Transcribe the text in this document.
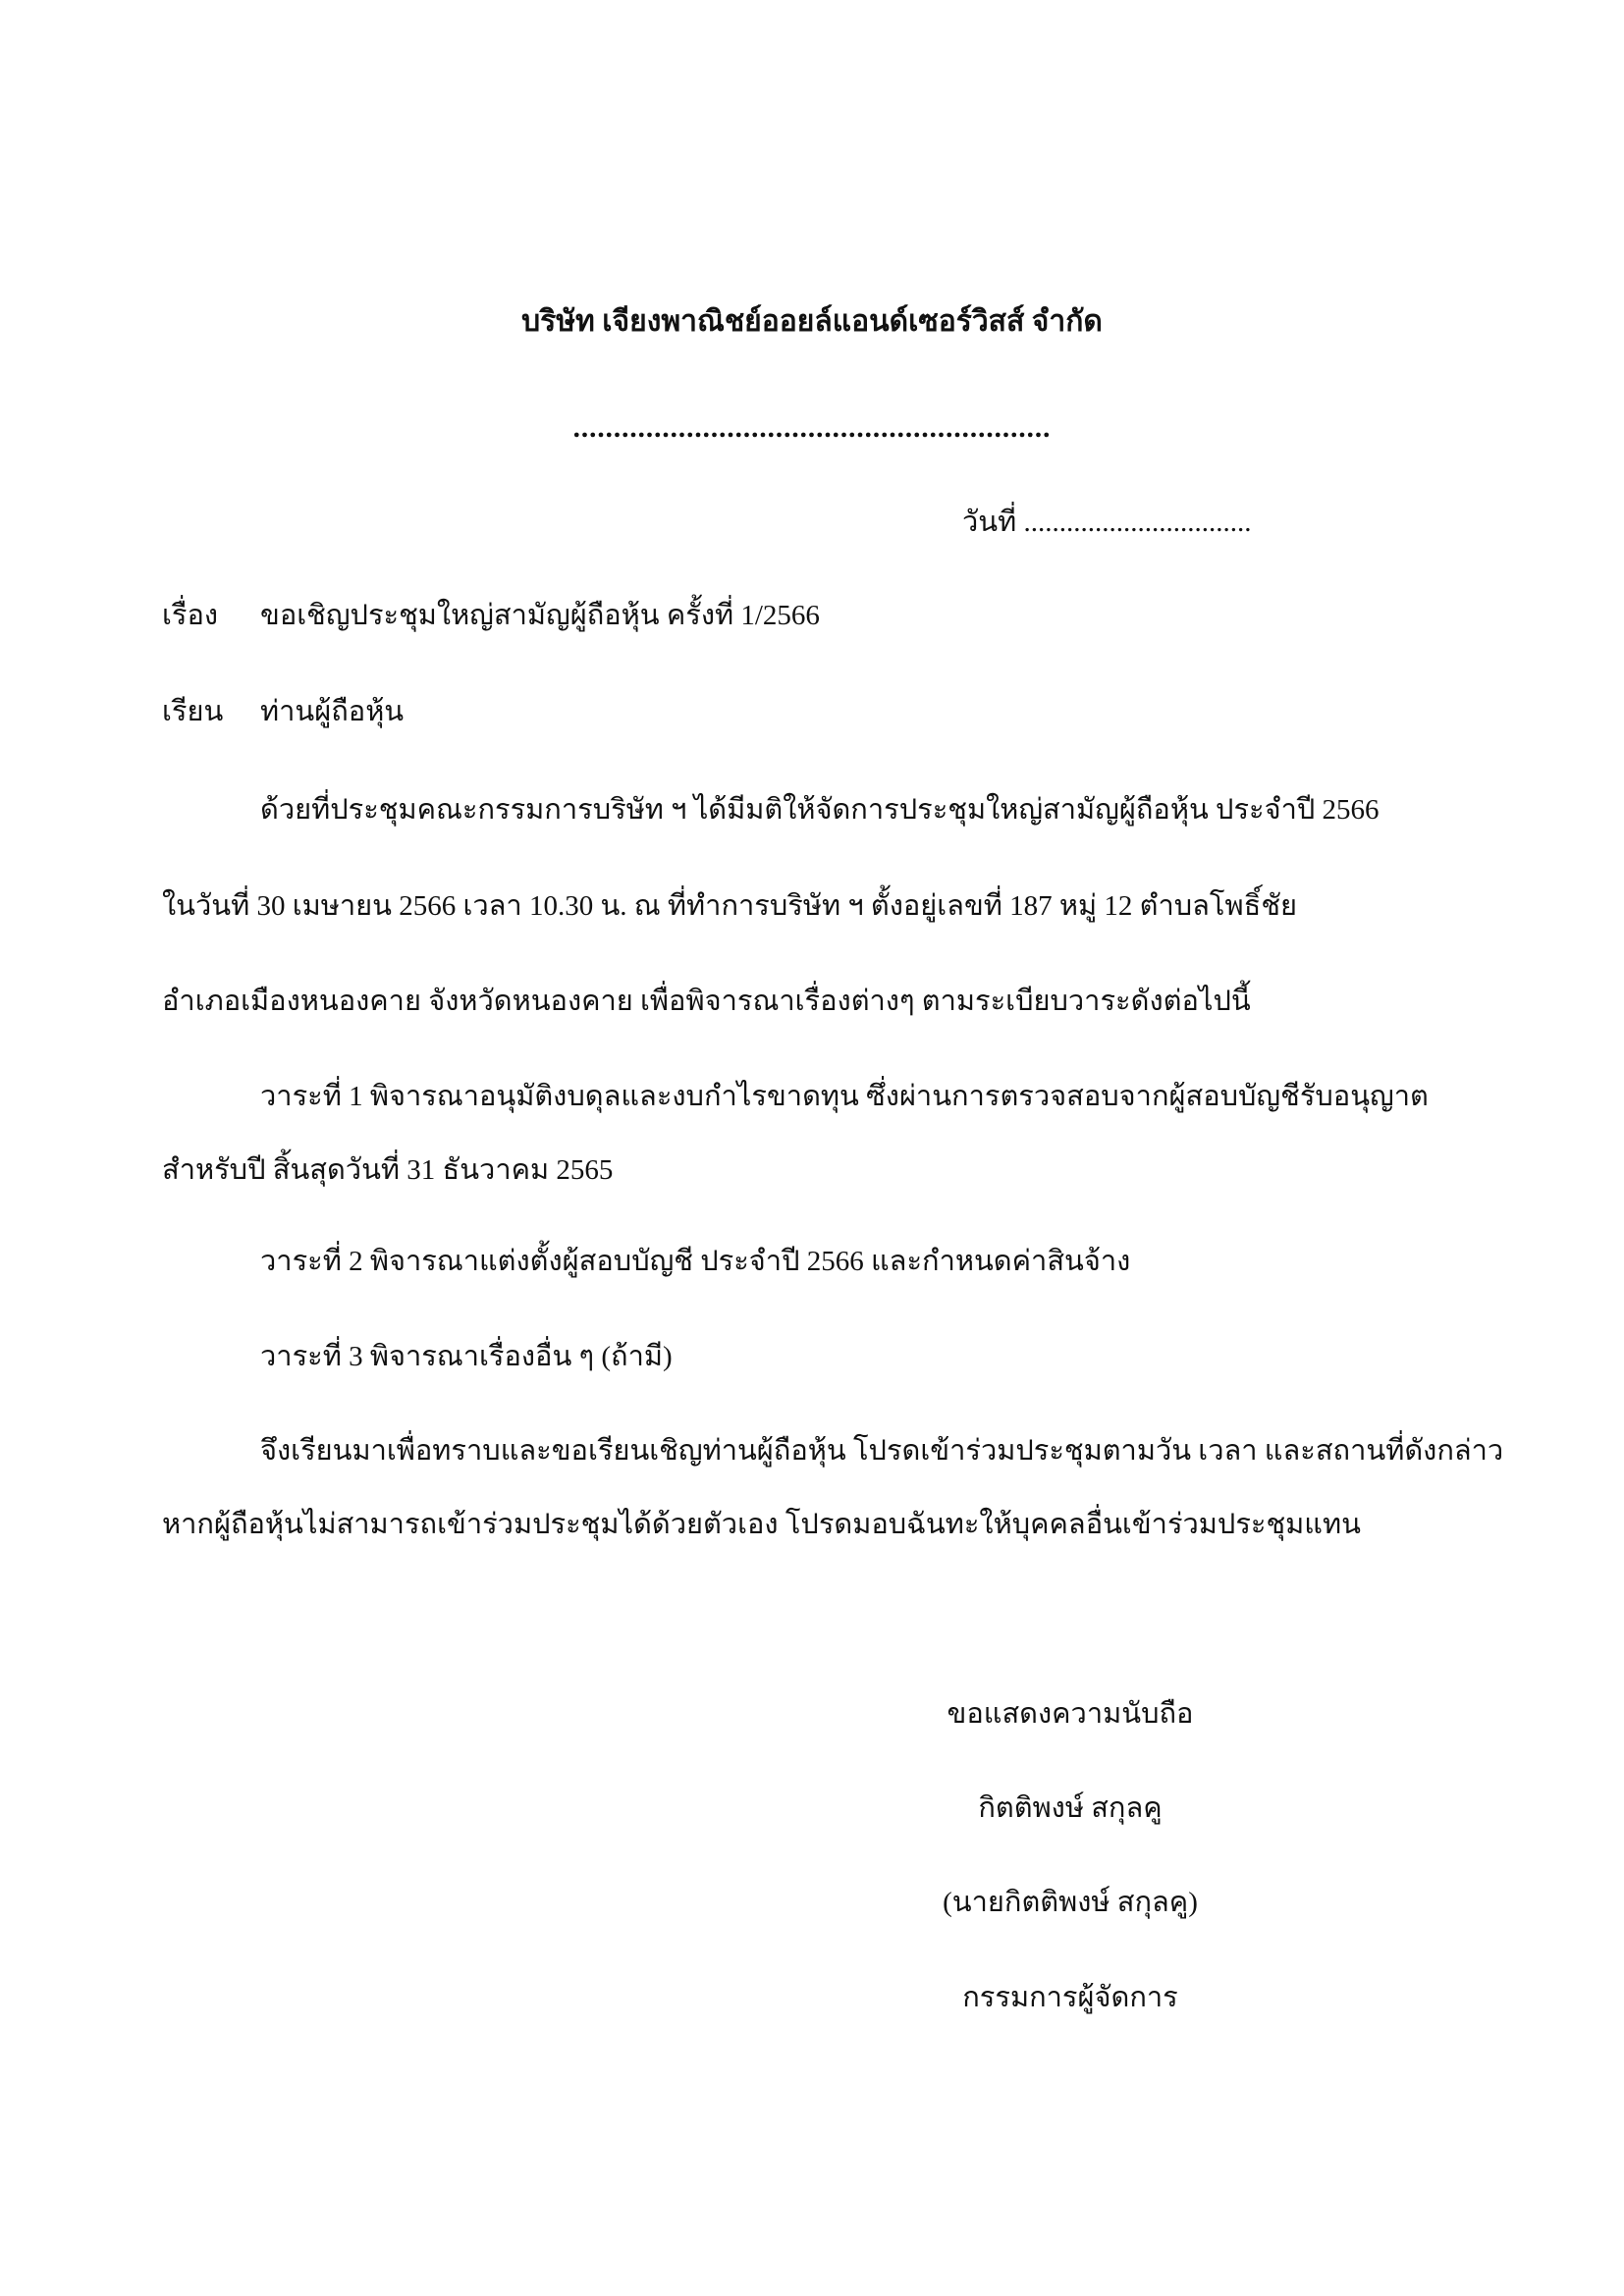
บริษัท เจียงพาณิชย์ออยล์แอนด์เซอร์วิสส์ จำกัด
...........................................................
วันที่ ................................
เรื่อง ขอเชิญประชุมใหญ่สามัญผู้ถือหุ้น ครั้งที่ 1/2566
เรียน ท่านผู้ถือหุ้น
ด้วยที่ประชุมคณะกรรมการบริษัท ฯ ได้มีมติให้จัดการประชุมใหญ่สามัญผู้ถือหุ้น ประจำปี 2566
ในวันที่ 30 เมษายน 2566 เวลา 10.30 น. ณ ที่ทำการบริษัท ฯ ตั้งอยู่เลขที่ 187 หมู่ 12 ตำบลโพธิ์ชัย
อำเภอเมืองหนองคาย จังหวัดหนองคาย เพื่อพิจารณาเรื่องต่างๆ ตามระเบียบวาระดังต่อไปนี้
วาระที่ 1 พิจารณาอนุมัติงบดุลและงบกำไรขาดทุน ซึ่งผ่านการตรวจสอบจากผู้สอบบัญชีรับอนุญาต
สำหรับปี สิ้นสุดวันที่ 31 ธันวาคม 2565
วาระที่ 2 พิจารณาแต่งตั้งผู้สอบบัญชี ประจำปี 2566 และกำหนดค่าสินจ้าง
วาระที่ 3 พิจารณาเรื่องอื่น ๆ (ถ้ามี)
จึงเรียนมาเพื่อทราบและขอเรียนเชิญท่านผู้ถือหุ้น โปรดเข้าร่วมประชุมตามวัน เวลา และสถานที่ดังกล่าว
หากผู้ถือหุ้นไม่สามารถเข้าร่วมประชุมได้ด้วยตัวเอง โปรดมอบฉันทะให้บุคคลอื่นเข้าร่วมประชุมแทน
ขอแสดงความนับถือ
กิตติพงษ์ สกุลคู
(นายกิตติพงษ์ สกุลคู)
กรรมการผู้จัดการ
